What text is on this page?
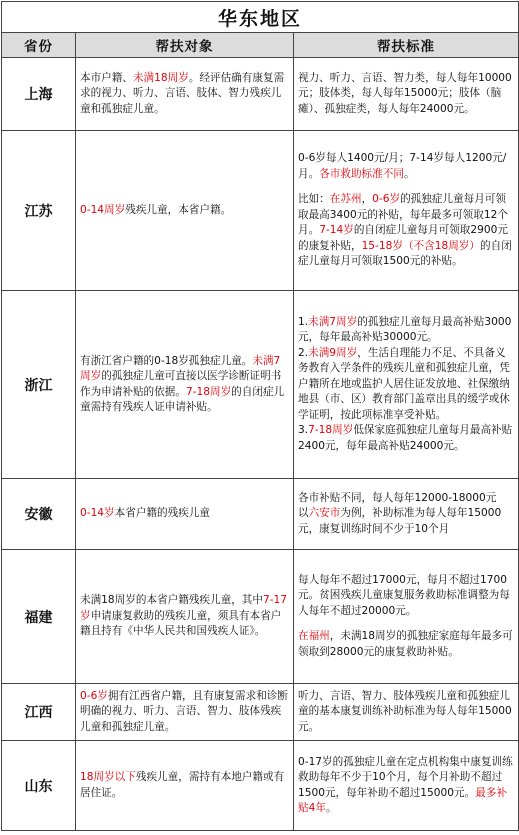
华东地区		
省份	帮扶对象	帮扶标准
上海	本市户籍、未满18周岁。经评估确有康复需求的视力、听力、言语、肢体、智力残疾儿童和孤独症儿童。	视力、听力、言语、智力类，每人每年10000元；肢体类，每人每年15000元；肢体（脑瘫）、孤独症类，每人每年24000元。

江苏	0-14周岁残疾儿童，本省户籍。	0-6岁每人1400元/月；7-14岁每人1200元/月。各市救助标准不同。

比如：在苏州，0-6岁的孤独症儿童每月可领取最高3400元的补贴，每年最多可领取12个月。7-14岁的自闭症儿童每月可领取2900元的康复补贴，15-18岁（不含18周岁）的自闭症儿童每月可领取1500元的补贴。

浙江	有浙江省户籍的0-18岁孤独症儿童。未满7周岁的孤独症儿童可直接以医学诊断证明书作为申请补贴的依据。7-18周岁的自闭症儿童需持有残疾人证申请补贴。	1.未满7周岁的孤独症儿童每月最高补贴3000元，每年最高补贴30000元。

2.未满9周岁，生活自理能力不足、不具备义务教育入学条件的残疾儿童和孤独症儿童，凭户籍所在地或监护人居住证发放地、社保缴纳地县（市、区）教育部门盖章出具的缓学或休学证明，按此项标准享受补贴。

3.7-18周岁低保家庭孤独症儿童每月最高补贴2400元，每年最高补贴24000元。

安徽	0-14岁本省户籍的残疾儿童	各市补贴不同，每人每年12000-18000元

以六安市为例，补助标准为每人每年15000元，康复训练时间不少于10个月

福建	未满18周岁的本省户籍残疾儿童，其中7-17岁申请康复救助的残疾儿童，须具有本省户籍且持有《中华人民共和国残疾人证》。	每人每年不超过17000元，每月不超过1700元。贫困残疾儿童康复服务救助标准调整为每人每年不超过20000元。

在福州，未满18周岁的孤独症家庭每年最多可领取到28000元的康复救助补贴。

江西	0-6岁拥有江西省户籍，且有康复需求和诊断明确的视力、听力、言语、智力、肢体残疾儿童和孤独症儿童。	听力、言语、智力、肢体残疾儿童和孤独症儿童的基本康复训练补助标准为每人每年15000元。

山东	18周岁以下残疾儿童，需持有本地户籍或有居住证。	0-17岁的孤独症儿童在定点机构集中康复训练救助每年不少于10个月，每个月补助不超过1500元，每年补助不超过15000元。最多补贴4年。
